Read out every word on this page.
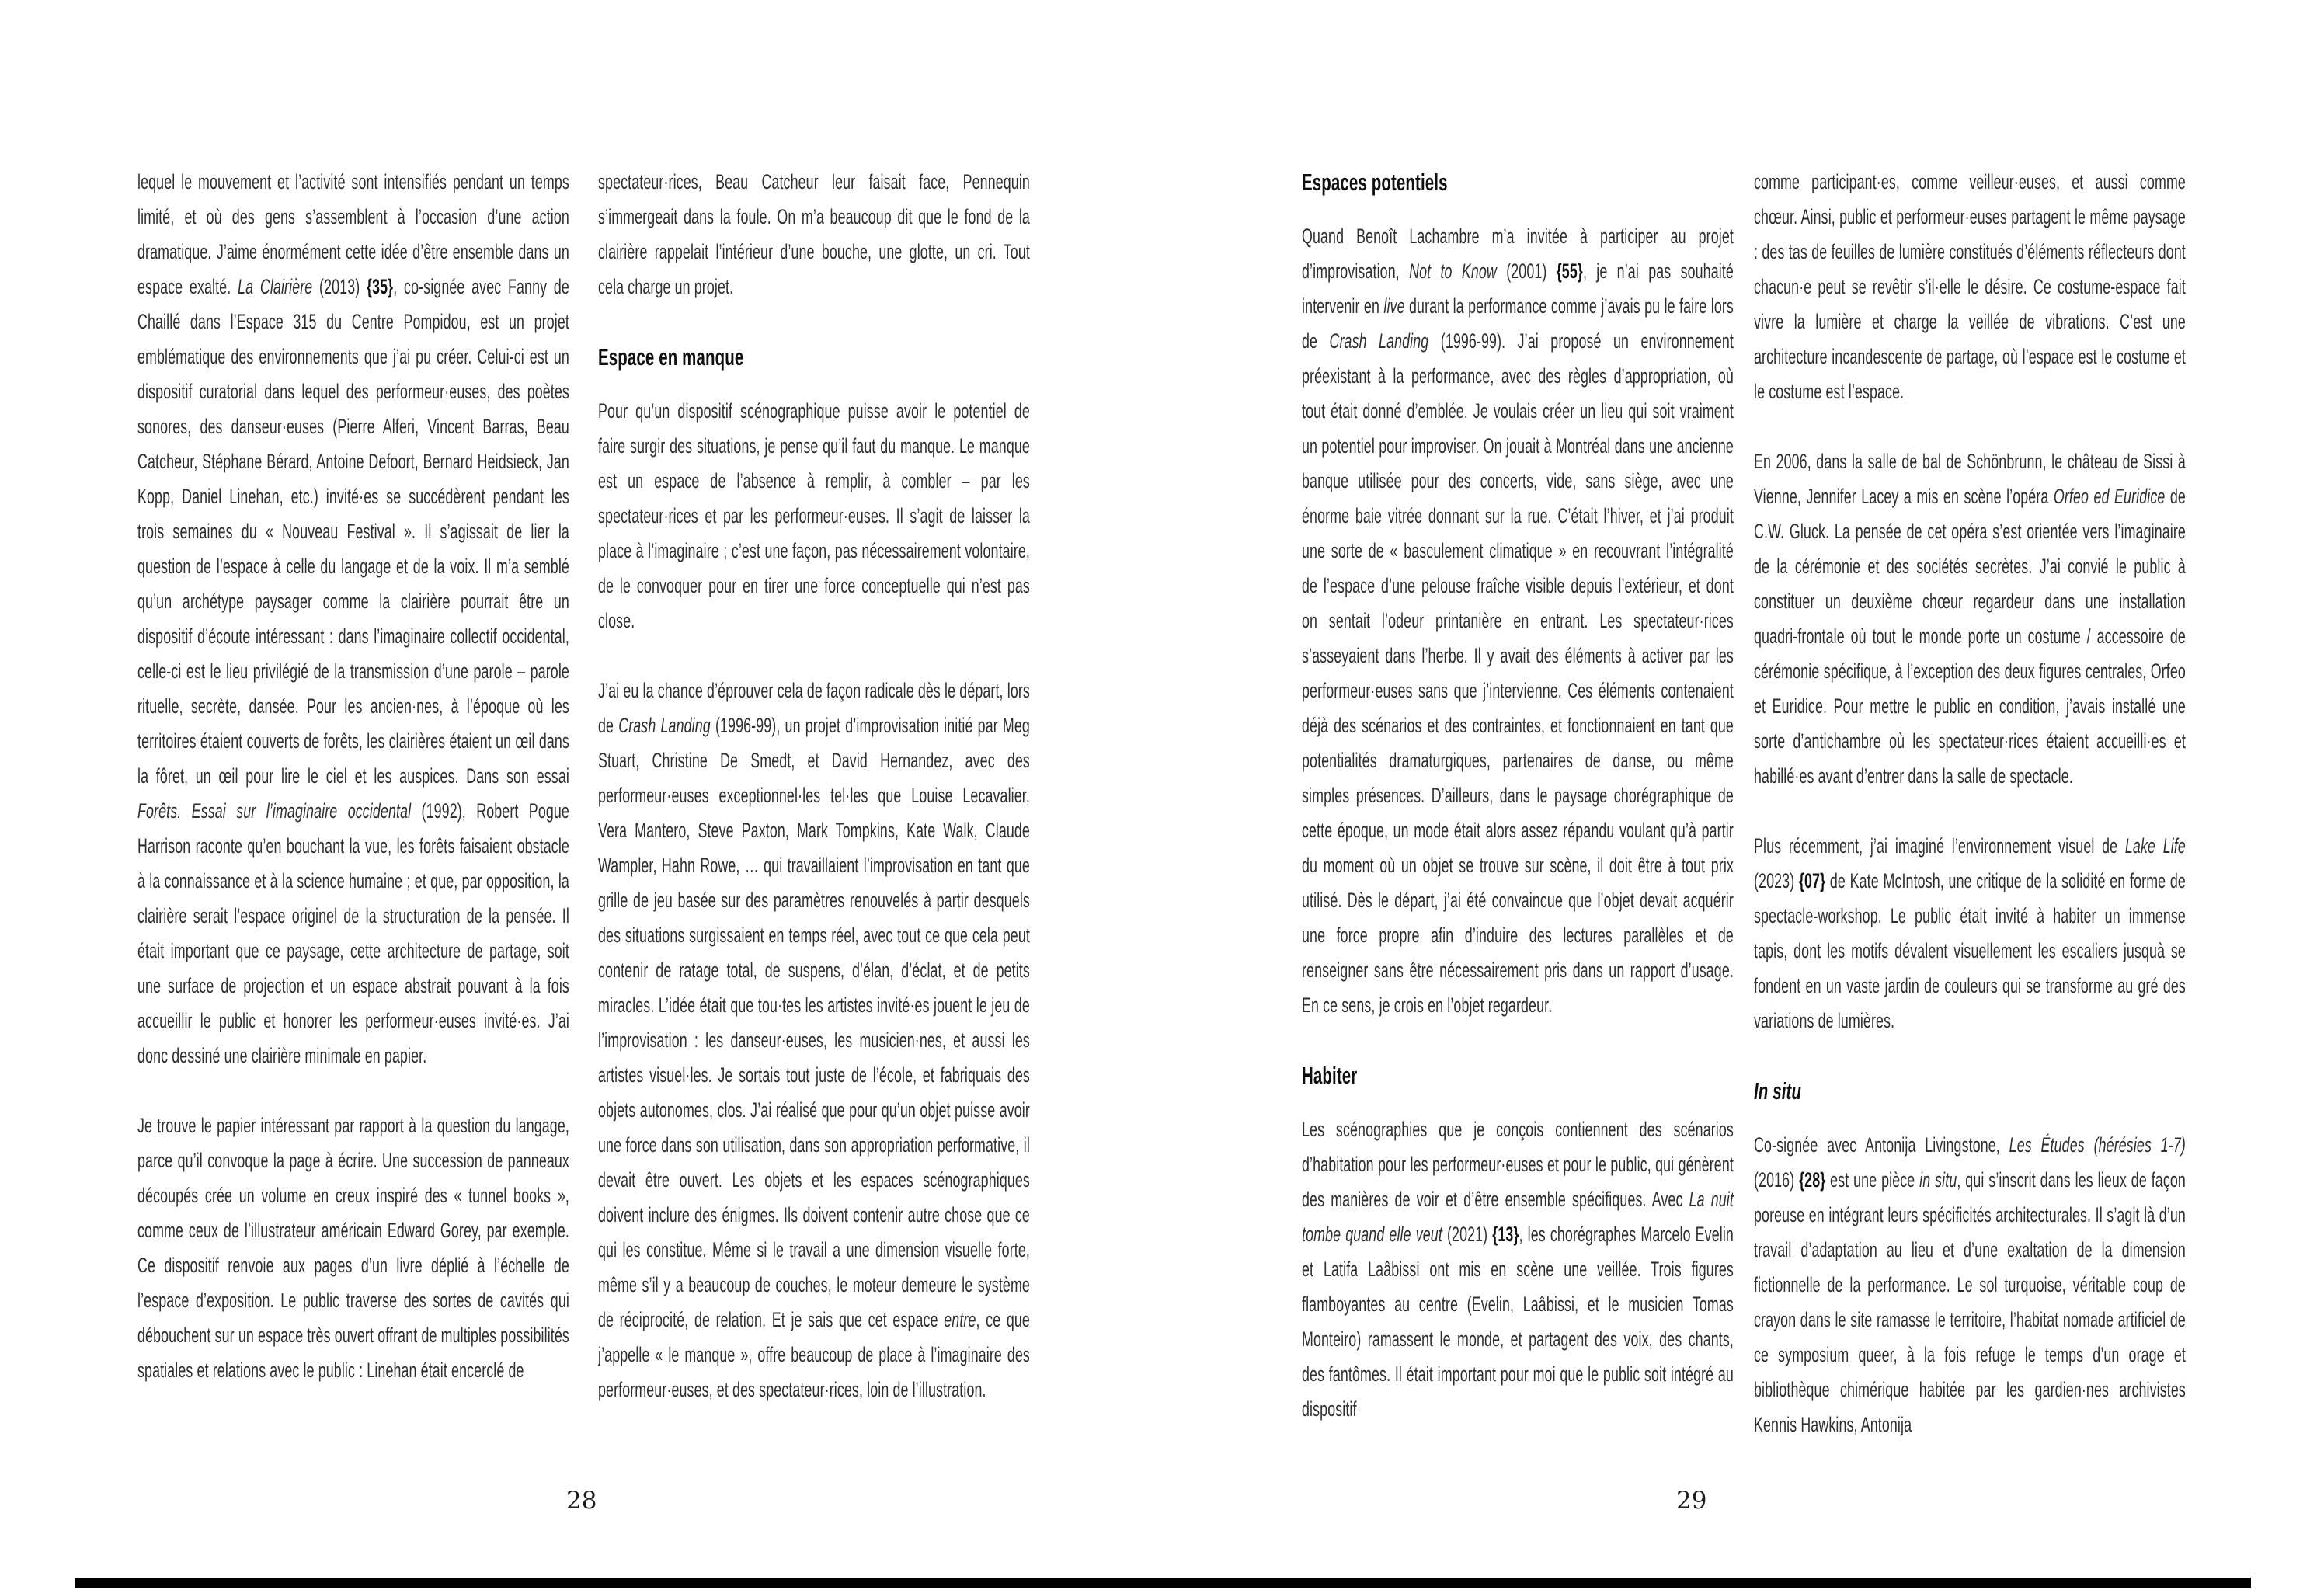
lequel le mouvement et l’activité sont intensifiés pendant un temps limité, et où des gens s’assemblent à l’occasion d’une action dramatique. J’aime énormément cette idée d’être ensemble dans un espace exalté. La Clairière (2013) {35}, co-signée avec Fanny de Chaillé dans l’Espace 315 du Centre Pompidou, est un projet emblématique des environnements que j’ai pu créer. Celui-ci est un dispositif curatorial dans lequel des performeur·euses, des poètes sonores, des danseur·euses (Pierre Alferi, Vincent Barras, Beau Catcheur, Stéphane Bérard, Antoine Defoort, Bernard Heidsieck, Jan Kopp, Daniel Linehan, etc.) invité·es se succédèrent pendant les trois semaines du « Nouveau Festival ». Il s’agissait de lier la question de l’espace à celle du langage et de la voix. Il m’a semblé qu’un archétype paysager comme la clairière pourrait être un dispositif d’écoute intéressant : dans l’imaginaire collectif occidental, celle-ci est le lieu privilégié de la transmission d’une parole – parole rituelle, secrète, dansée. Pour les ancien·nes, à l’époque où les territoires étaient couverts de forêts, les clairières étaient un œil dans la fôret, un œil pour lire le ciel et les auspices. Dans son essai Forêts. Essai sur l’imaginaire occidental (1992), Robert Pogue Harrison raconte qu’en bouchant la vue, les forêts faisaient obstacle à la connaissance et à la science humaine ; et que, par opposition, la clairière serait l’espace originel de la structuration de la pensée. Il était important que ce paysage, cette architecture de partage, soit une surface de projection et un espace abstrait pouvant à la fois accueillir le public et honorer les performeur·euses invité·es. J’ai donc dessiné une clairière minimale en papier.

Je trouve le papier intéressant par rapport à la question du langage, parce qu’il convoque la page à écrire. Une succession de panneaux découpés crée un volume en creux inspiré des « tunnel books », comme ceux de l’illustrateur américain Edward Gorey, par exemple. Ce dispositif renvoie aux pages d’un livre déplié à l’échelle de l’espace d’exposition. Le public traverse des sortes de cavités qui débouchent sur un espace très ouvert offrant de multiples possibilités spatiales et relations avec le public : Linehan était encerclé de

spectateur·rices, Beau Catcheur leur faisait face, Pennequin s’immergeait dans la foule. On m’a beaucoup dit que le fond de la clairière rappelait l’intérieur d’une bouche, une glotte, un cri. Tout cela charge un projet.

Espace en manque

Pour qu’un dispositif scénographique puisse avoir le potentiel de faire surgir des situations, je pense qu’il faut du manque. Le manque est un espace de l’absence à remplir, à combler – par les spectateur·rices et par les performeur·euses. Il s’agit de laisser la place à l’imaginaire ; c’est une façon, pas nécessairement volontaire, de le convoquer pour en tirer une force conceptuelle qui n’est pas close.

J’ai eu la chance d’éprouver cela de façon radicale dès le départ, lors de Crash Landing (1996-99), un projet d’improvisation initié par Meg Stuart, Christine De Smedt, et David Hernandez, avec des performeur·euses exceptionnel·les tel·les que Louise Lecavalier, Vera Mantero, Steve Paxton, Mark Tompkins, Kate Walk, Claude Wampler, Hahn Rowe, … qui travaillaient l’improvisation en tant que grille de jeu basée sur des paramètres renouvelés à partir desquels des situations surgissaient en temps réel, avec tout ce que cela peut contenir de ratage total, de suspens, d’élan, d’éclat, et de petits miracles. L’idée était que tou·tes les artistes invité·es jouent le jeu de l’improvisation : les danseur·euses, les musicien·nes, et aussi les artistes visuel·les. Je sortais tout juste de l’école, et fabriquais des objets autonomes, clos. J’ai réalisé que pour qu’un objet puisse avoir une force dans son utilisation, dans son appropriation performative, il devait être ouvert. Les objets et les espaces scénographiques doivent inclure des énigmes. Ils doivent contenir autre chose que ce qui les constitue. Même si le travail a une dimension visuelle forte, même s’il y a beaucoup de couches, le moteur demeure le système de réciprocité, de relation. Et je sais que cet espace entre, ce que j’appelle « le manque », offre beaucoup de place à l’imaginaire des performeur·euses, et des spectateur·rices, loin de l’illustration.

Espaces potentiels

Quand Benoît Lachambre m’a invitée à participer au projet d’improvisation, Not to Know (2001) {55}, je n’ai pas souhaité intervenir en live durant la performance comme j’avais pu le faire lors de Crash Landing (1996-99). J’ai proposé un environnement préexistant à la performance, avec des règles d’appropriation, où tout était donné d’emblée. Je voulais créer un lieu qui soit vraiment un potentiel pour improviser. On jouait à Montréal dans une ancienne banque utilisée pour des concerts, vide, sans siège, avec une énorme baie vitrée donnant sur la rue. C’était l’hiver, et j’ai produit une sorte de « basculement climatique » en recouvrant l’intégralité de l’espace d’une pelouse fraîche visible depuis l’extérieur, et dont on sentait l’odeur printanière en entrant. Les spectateur·rices s’asseyaient dans l’herbe. Il y avait des éléments à activer par les performeur·euses sans que j’intervienne. Ces éléments contenaient déjà des scénarios et des contraintes, et fonctionnaient en tant que potentialités dramaturgiques, partenaires de danse, ou même simples présences. D’ailleurs, dans le paysage chorégraphique de cette époque, un mode était alors assez répandu voulant qu’à partir du moment où un objet se trouve sur scène, il doit être à tout prix utilisé. Dès le départ, j’ai été convaincue que l’objet devait acquérir une force propre afin d’induire des lectures parallèles et de renseigner sans être nécessairement pris dans un rapport d’usage. En ce sens, je crois en l’objet regardeur.

Habiter

Les scénographies que je conçois contiennent des scénarios d’habitation pour les performeur·euses et pour le public, qui génèrent des manières de voir et d’être ensemble spécifiques. Avec La nuit tombe quand elle veut (2021) {13}, les chorégraphes Marcelo Evelin et Latifa Laâbissi ont mis en scène une veillée. Trois figures flamboyantes au centre (Evelin, Laâbissi, et le musicien Tomas Monteiro) ramassent le monde, et partagent des voix, des chants, des fantômes. Il était important pour moi que le public soit intégré au dispositif

comme participant·es, comme veilleur·euses, et aussi comme chœur. Ainsi, public et performeur·euses partagent le même paysage : des tas de feuilles de lumière constitués d’éléments réflecteurs dont chacun·e peut se revêtir s’il·elle le désire. Ce costume-espace fait vivre la lumière et charge la veillée de vibrations. C’est une architecture incandescente de partage, où l’espace est le costume et le costume est l’espace.

En 2006, dans la salle de bal de Schönbrunn, le château de Sissi à Vienne, Jennifer Lacey a mis en scène l’opéra Orfeo ed Euridice de C.W. Gluck. La pensée de cet opéra s’est orientée vers l’imaginaire de la cérémonie et des sociétés secrètes. J’ai convié le public à constituer un deuxième chœur regardeur dans une installation quadri-frontale où tout le monde porte un costume / accessoire de cérémonie spécifique, à l’exception des deux figures centrales, Orfeo et Euridice. Pour mettre le public en condition, j’avais installé une sorte d’antichambre où les spectateur·rices étaient accueilli·es et habillé·es avant d’entrer dans la salle de spectacle.

Plus récemment, j’ai imaginé l’environnement visuel de Lake Life (2023) {07} de Kate McIntosh, une critique de la solidité en forme de spectacle-workshop. Le public était invité à habiter un immense tapis, dont les motifs dévalent visuellement les escaliers jusquà se fondent en un vaste jardin de couleurs qui se transforme au gré des variations de lumières.

In situ

Co-signée avec Antonija Livingstone, Les Études (hérésies 1-7) (2016) {28} est une pièce in situ, qui s’inscrit dans les lieux de façon poreuse en intégrant leurs spécificités architecturales. Il s’agit là d’un travail d’adaptation au lieu et d’une exaltation de la dimension fictionnelle de la performance. Le sol turquoise, véritable coup de crayon dans le site ramasse le territoire, l’habitat nomade artificiel de ce symposium queer, à la fois refuge le temps d’un orage et bibliothèque chimérique habitée par les gardien·nes archivistes Kennis Hawkins, Antonija

28	29
